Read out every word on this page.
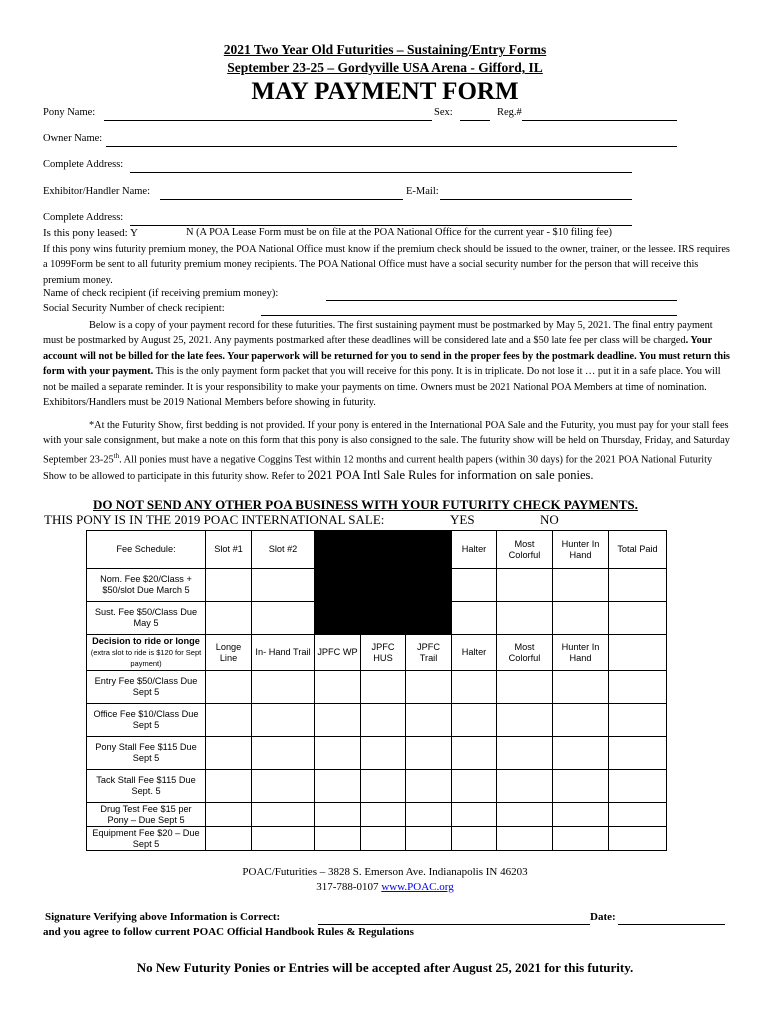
2021 Two Year Old Futurities – Sustaining/Entry Forms
September 23-25 – Gordyville USA Arena - Gifford, IL
MAY PAYMENT FORM
Pony Name:	Sex:	Reg.#
Owner Name:
Complete Address:
Exhibitor/Handler Name:	E-Mail:
Complete Address:
Is this pony leased: Y	N (A POA Lease Form must be on file at the POA National Office for the current year - $10 filing fee)
If this pony wins futurity premium money, the POA National Office must know if the premium check should be issued to the owner, trainer, or the lessee. IRS requires a 1099Form be sent to all futurity premium money recipients. The POA National Office must have a social security number for the person that will receive this premium money.
Name of check recipient (if receiving premium money):
Social Security Number of check recipient:
Below is a copy of your payment record for these futurities. The first sustaining payment must be postmarked by May 5, 2021. The final entry payment must be postmarked by August 25, 2021. Any payments postmarked after these deadlines will be considered late and a $50 late fee per class will be charged. Your account will not be billed for the late fees. Your paperwork will be returned for you to send in the proper fees by the postmark deadline. You must return this form with your payment. This is the only payment form packet that you will receive for this pony. It is in triplicate. Do not lose it … put it in a safe place. You will not be mailed a separate reminder. It is your responsibility to make your payments on time. Owners must be 2021 National POA Members at time of nomination. Exhibitors/Handlers must be 2019 National Members before showing in futurity.
*At the Futurity Show, first bedding is not provided. If your pony is entered in the International POA Sale and the Futurity, you must pay for your stall fees with your sale consignment, but make a note on this form that this pony is also consigned to the sale. The futurity show will be held on Thursday, Friday, and Saturday September 23-25th. All ponies must have a negative Coggins Test within 12 months and current health papers (within 30 days) for the 2021 POA National Futurity Show to be allowed to participate in this futurity show. Refer to 2021 POA Intl Sale Rules for information on sale ponies.
DO NOT SEND ANY OTHER POA BUSINESS WITH YOUR FUTURITY CHECK PAYMENTS.
THIS PONY IS IN THE 2019 POAC INTERNATIONAL SALE:	YES	NO
Fee Schedule:	Slot #1	Slot #2				Halter	Most Colorful	Hunter In Hand	Total Paid
Nom. Fee $20/Class + $50/slot Due March 5									
Sust. Fee $50/Class Due May 5									
Decision to ride or longe (extra slot to ride is $120 for Sept payment)	Longe Line	In- Hand Trail	JPFC WP	JPFC HUS	JPFC Trail	Halter	Most Colorful	Hunter In Hand	
Entry Fee $50/Class Due Sept 5									
Office Fee $10/Class Due Sept 5									
Pony Stall Fee $115 Due Sept 5									
Tack Stall Fee $115 Due Sept. 5									
Drug Test Fee $15 per Pony – Due Sept 5									
Equipment Fee $20 – Due Sept 5									
POAC/Futurities – 3828 S. Emerson Ave. Indianapolis IN 46203
317-788-0107 www.POAC.org
Signature Verifying above Information is Correct:	Date:
and you agree to follow current POAC Official Handbook Rules & Regulations
No New Futurity Ponies or Entries will be accepted after August 25, 2021 for this futurity.
